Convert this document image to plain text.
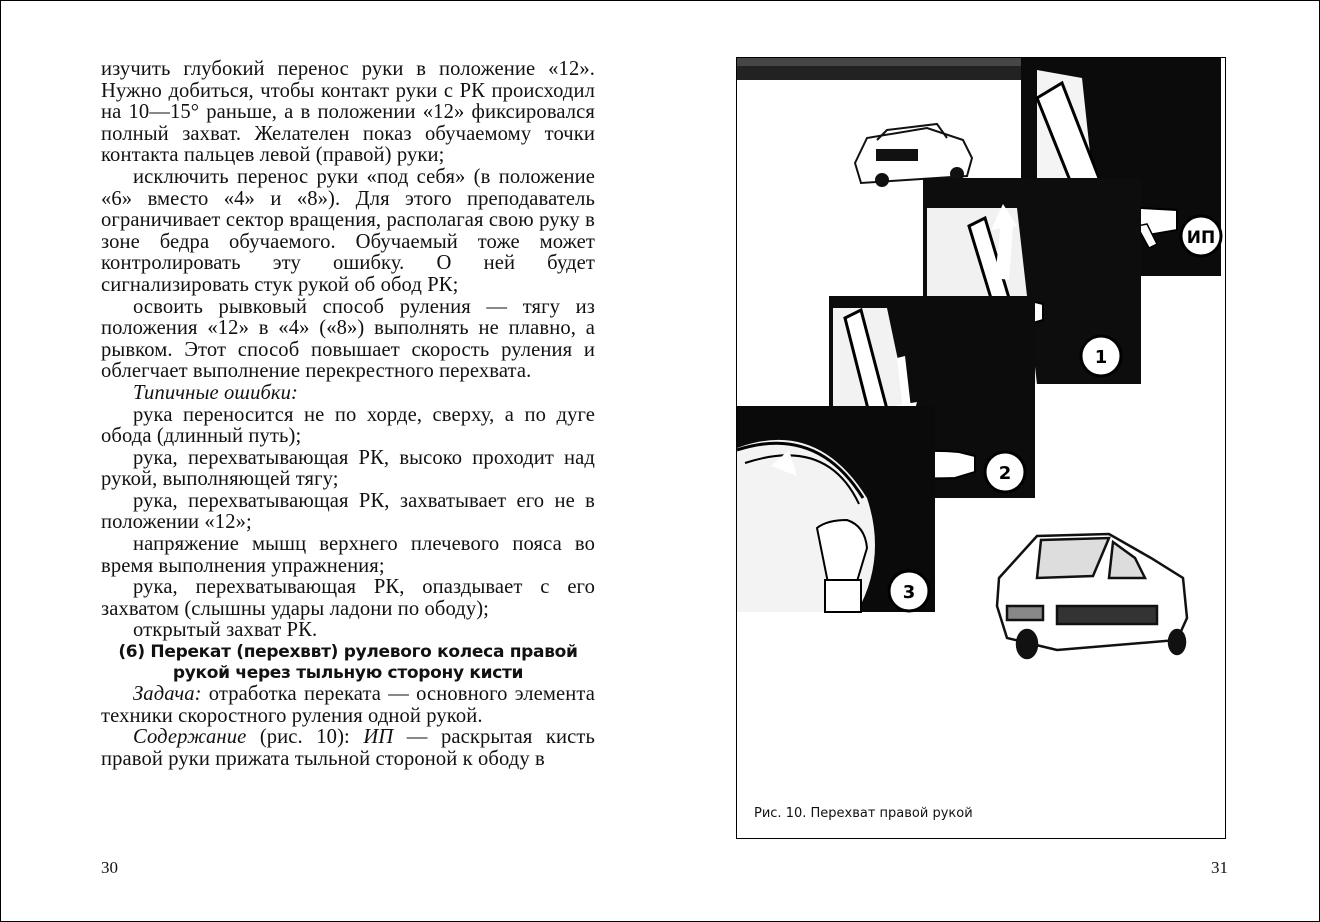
изучить глубокий перенос руки в положение «12». Нужно добиться, чтобы контакт руки с РК происходил на 10—15° раньше, а в положении «12» фиксировался полный захват. Желателен показ обучаемому точки контакта пальцев левой (правой) руки;

исключить перенос руки «под себя» (в положение «6» вместо «4» и «8»). Для этого преподаватель ограничивает сектор вращения, располагая свою руку в зоне бедра обучаемого. Обучаемый тоже может контролировать эту ошибку. О ней будет сигнализировать стук рукой об обод РК;

освоить рывковый способ руления — тягу из положения «12» в «4» («8») выполнять не плавно, а рывком. Этот способ повышает скорость руления и облегчает выполнение перекрестного перехвата.

Типичные ошибки:

рука переносится не по хорде, сверху, а по дуге обода (длинный путь);

рука, перехватывающая РК, высоко проходит над рукой, выполняющей тягу;

рука, перехватывающая РК, захватывает его не в положении «12»;

напряжение мышц верхнего плечевого пояса во время выполнения упражнения;

рука, перехватывающая РК, опаздывает с его захватом (слышны удары ладони по ободу);

открытый захват РК.

(6) Перекат (перехввт) рулевого колеса правой рукой через тыльную сторону кисти

Задача: отработка переката — основного элемента техники скоростного руления одной рукой.

Содержание (рис. 10): ИП — раскрытая кисть правой руки прижата тыльной стороной к ободу в

30	31
ИП
1
2
3
Рис. 10. Перехват правой рукой
